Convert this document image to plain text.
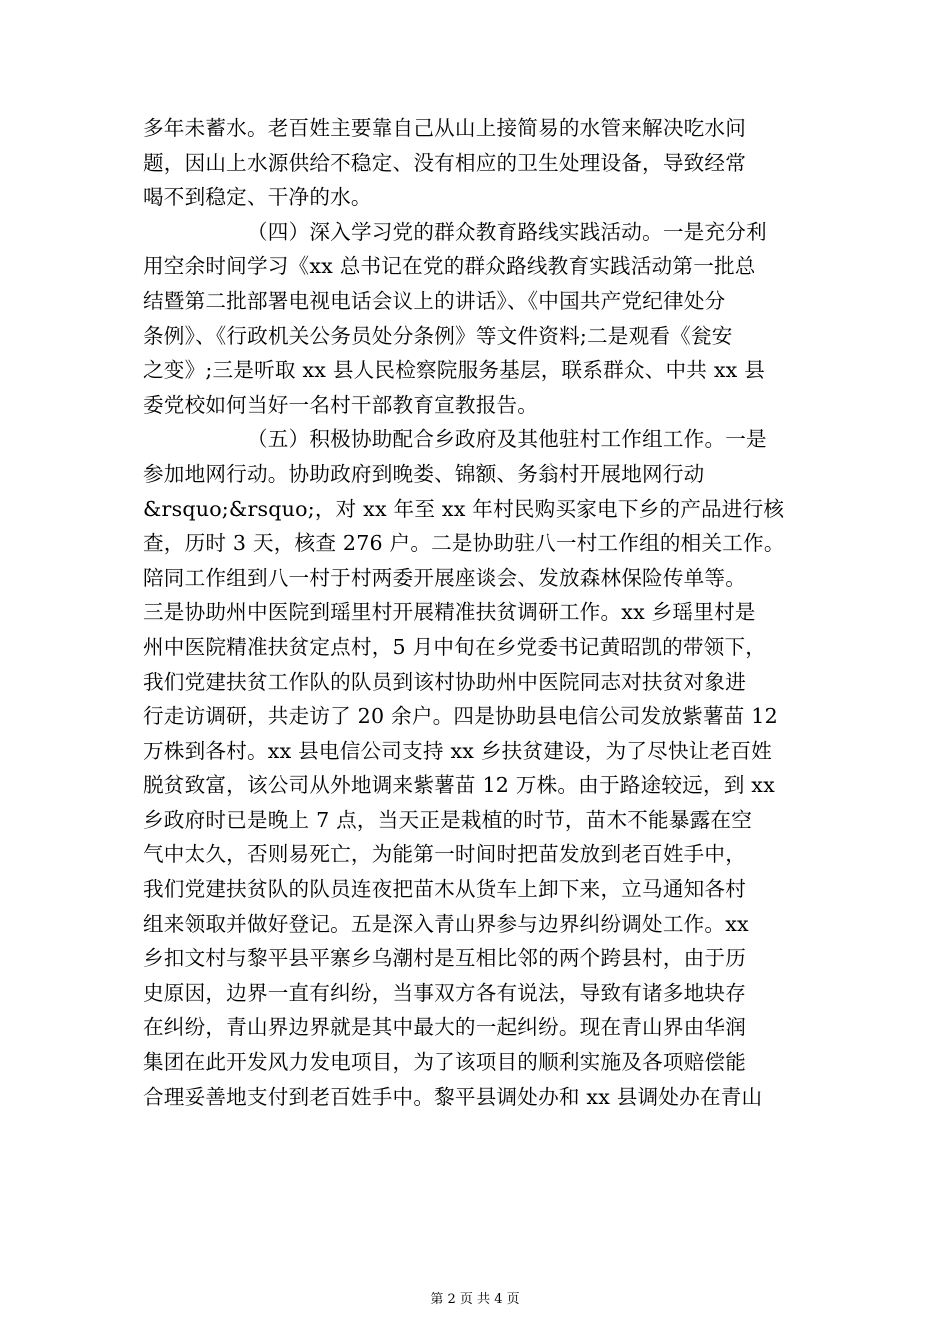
多年未蓄水。老百姓主要靠自己从山上接简易的水管来解决吃水问
题，因山上水源供给不稳定、没有相应的卫生处理设备，导致经常
喝不到稳定、干净的水。
（四）深入学习党的群众教育路线实践活动。一是充分利
用空余时间学习《xx 总书记在党的群众路线教育实践活动第一批总
结暨第二批部署电视电话会议上的讲话》、《中国共产党纪律处分
条例》、《行政机关公务员处分条例》等文件资料;二是观看《瓮安
之变》;三是听取 xx 县人民检察院服务基层，联系群众、中共 xx 县
委党校如何当好一名村干部教育宣教报告。
（五）积极协助配合乡政府及其他驻村工作组工作。一是
参加地网行动。协助政府到晚娄、锦额、务翁村开展地网行动
&rsquo;&rsquo;，对 xx 年至 xx 年村民购买家电下乡的产品进行核
查，历时 3 天，核查 276 户。二是协助驻八一村工作组的相关工作。
陪同工作组到八一村于村两委开展座谈会、发放森林保险传单等。
三是协助州中医院到瑶里村开展精准扶贫调研工作。xx 乡瑶里村是
州中医院精准扶贫定点村，5 月中旬在乡党委书记黄昭凯的带领下，
我们党建扶贫工作队的队员到该村协助州中医院同志对扶贫对象进
行走访调研，共走访了 20 余户。四是协助县电信公司发放紫薯苗 12
万株到各村。xx 县电信公司支持 xx 乡扶贫建设，为了尽快让老百姓
脱贫致富，该公司从外地调来紫薯苗 12 万株。由于路途较远，到 xx
乡政府时已是晚上 7 点，当天正是栽植的时节，苗木不能暴露在空
气中太久，否则易死亡，为能第一时间时把苗发放到老百姓手中，
我们党建扶贫队的队员连夜把苗木从货车上卸下来，立马通知各村
组来领取并做好登记。五是深入青山界参与边界纠纷调处工作。xx
乡扣文村与黎平县平寨乡乌潮村是互相比邻的两个跨县村，由于历
史原因，边界一直有纠纷，当事双方各有说法，导致有诸多地块存
在纠纷，青山界边界就是其中最大的一起纠纷。现在青山界由华润
集团在此开发风力发电项目，为了该项目的顺利实施及各项赔偿能
合理妥善地支付到老百姓手中。黎平县调处办和 xx 县调处办在青山
第 2 页 共 4 页
